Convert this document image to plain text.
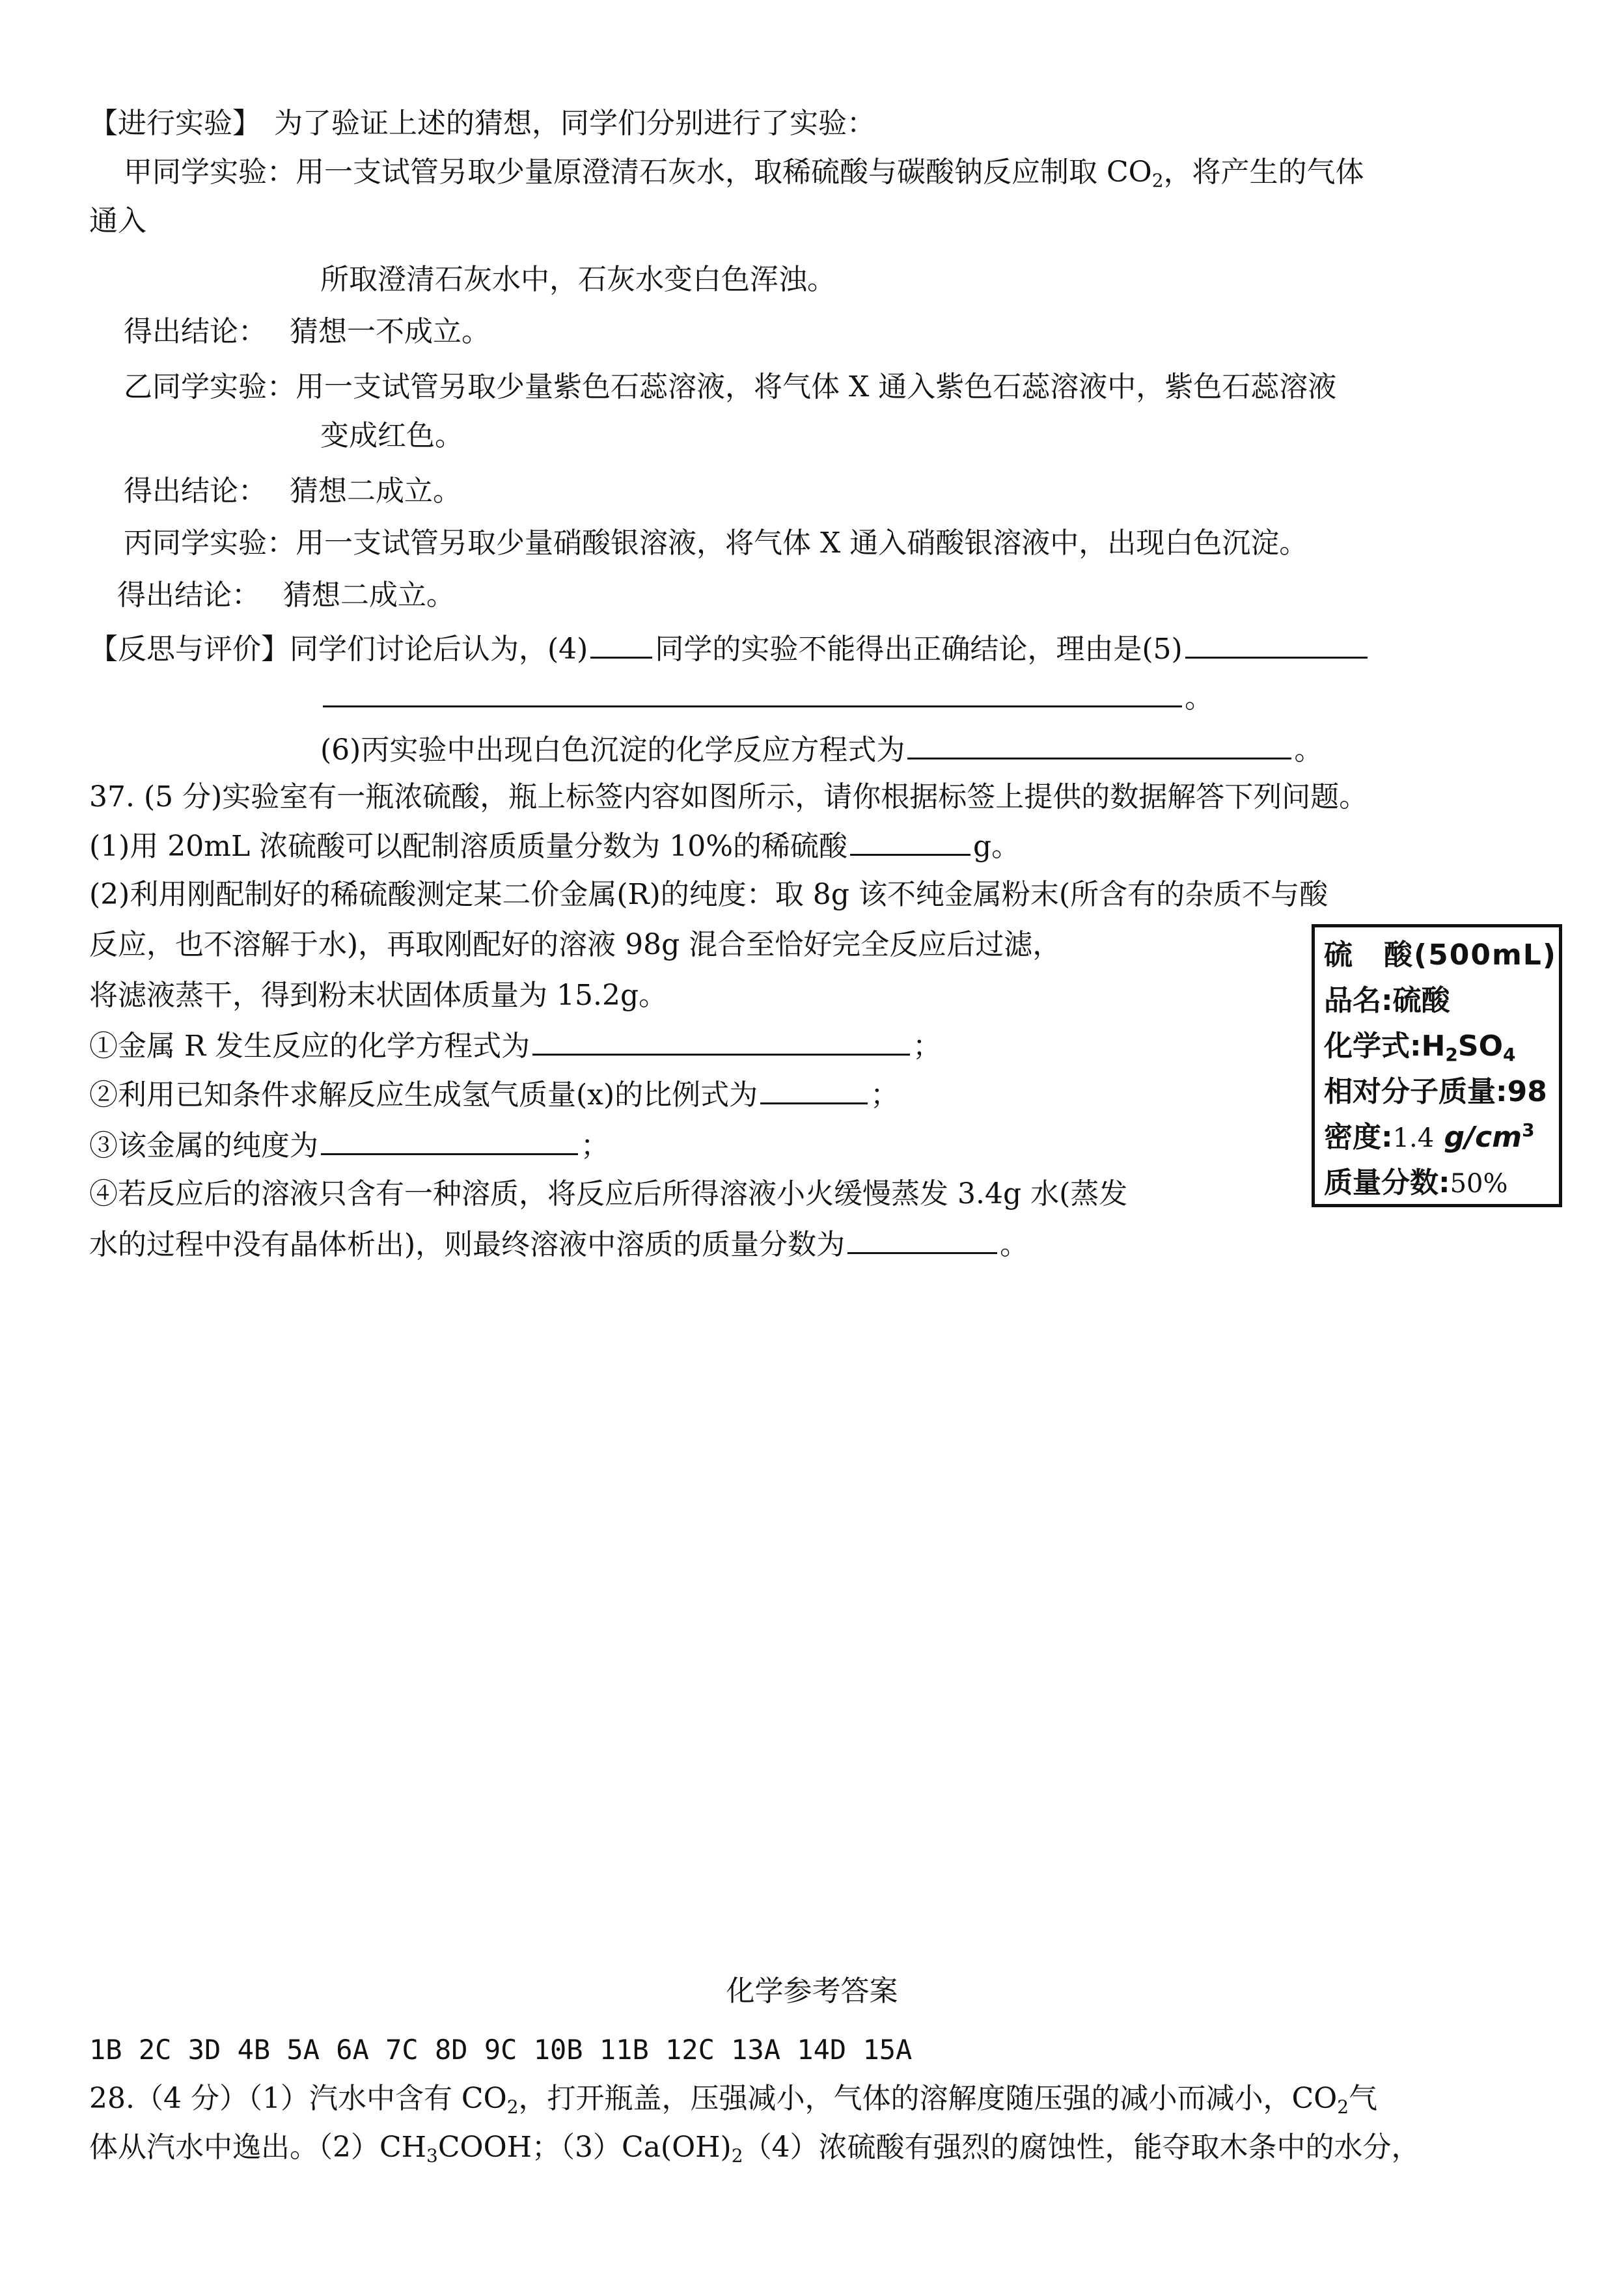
【进行实验】 为了验证上述的猜想，同学们分别进行了实验：
甲同学实验：用一支试管另取少量原澄清石灰水，取稀硫酸与碳酸钠反应制取 $CO_2$，将产生的气体
通入
所取澄清石灰水中，石灰水变白色浑浊。
得出结论： 猜想一不成立。
乙同学实验：用一支试管另取少量紫色石蕊溶液，将气体 X 通入紫色石蕊溶液中，紫色石蕊溶液
变成红色。
得出结论： 猜想二成立。
丙同学实验：用一支试管另取少量硝酸银溶液，将气体 X 通入硝酸银溶液中，出现白色沉淀。
得出结论： 猜想二成立。
【反思与评价】同学们讨论后认为，(4) 同学的实验不能得出正确结论，理由是(5)
。
(6)丙实验中出现白色沉淀的化学反应方程式为	。
37. (5 分)实验室有一瓶浓硫酸，瓶上标签内容如图所示，请你根据标签上提供的数据解答下列问题。
(1)用 20mL 浓硫酸可以配制溶质质量分数为 10%的稀硫酸	g。
(2)利用刚配制好的稀硫酸测定某二价金属(R)的纯度：取 8g 该不纯金属粉末(所含有的杂质不与酸
反应，也不溶解于水)，再取刚配好的溶液 98g 混合至恰好完全反应后过滤，
将滤液蒸干，得到粉末状固体质量为 15.2g。
①金属 R 发生反应的化学方程式为	；
②利用已知条件求解反应生成氢气质量(x)的比例式为	；
③该金属的纯度为	；
④若反应后的溶液只含有一种溶质，将反应后所得溶液小火缓慢蒸发 3.4g 水(蒸发
水的过程中没有晶体析出)，则最终溶液中溶质的质量分数为	。
硫　酸(500mL)
品名:硫酸
化学式$:H_2SO_4$
相对分子质量:98
密度:1.4 $g/cm^3$
质量分数:50%
化学参考答案
1B 2C 3D 4B 5A 6A 7C 8D 9C 10B 11B 12C 13A 14D 15A
28.（4 分）（1）汽水中含有 $CO_2$，打开瓶盖，压强减小，气体的溶解度随压强的减小而减小，$CO_2$气
体从汽水中逸出。$(2)CH_3COOH$；$(3)Ca(OH)_2(4)$浓硫酸有强烈的腐蚀性，能夺取木条中的水分，
